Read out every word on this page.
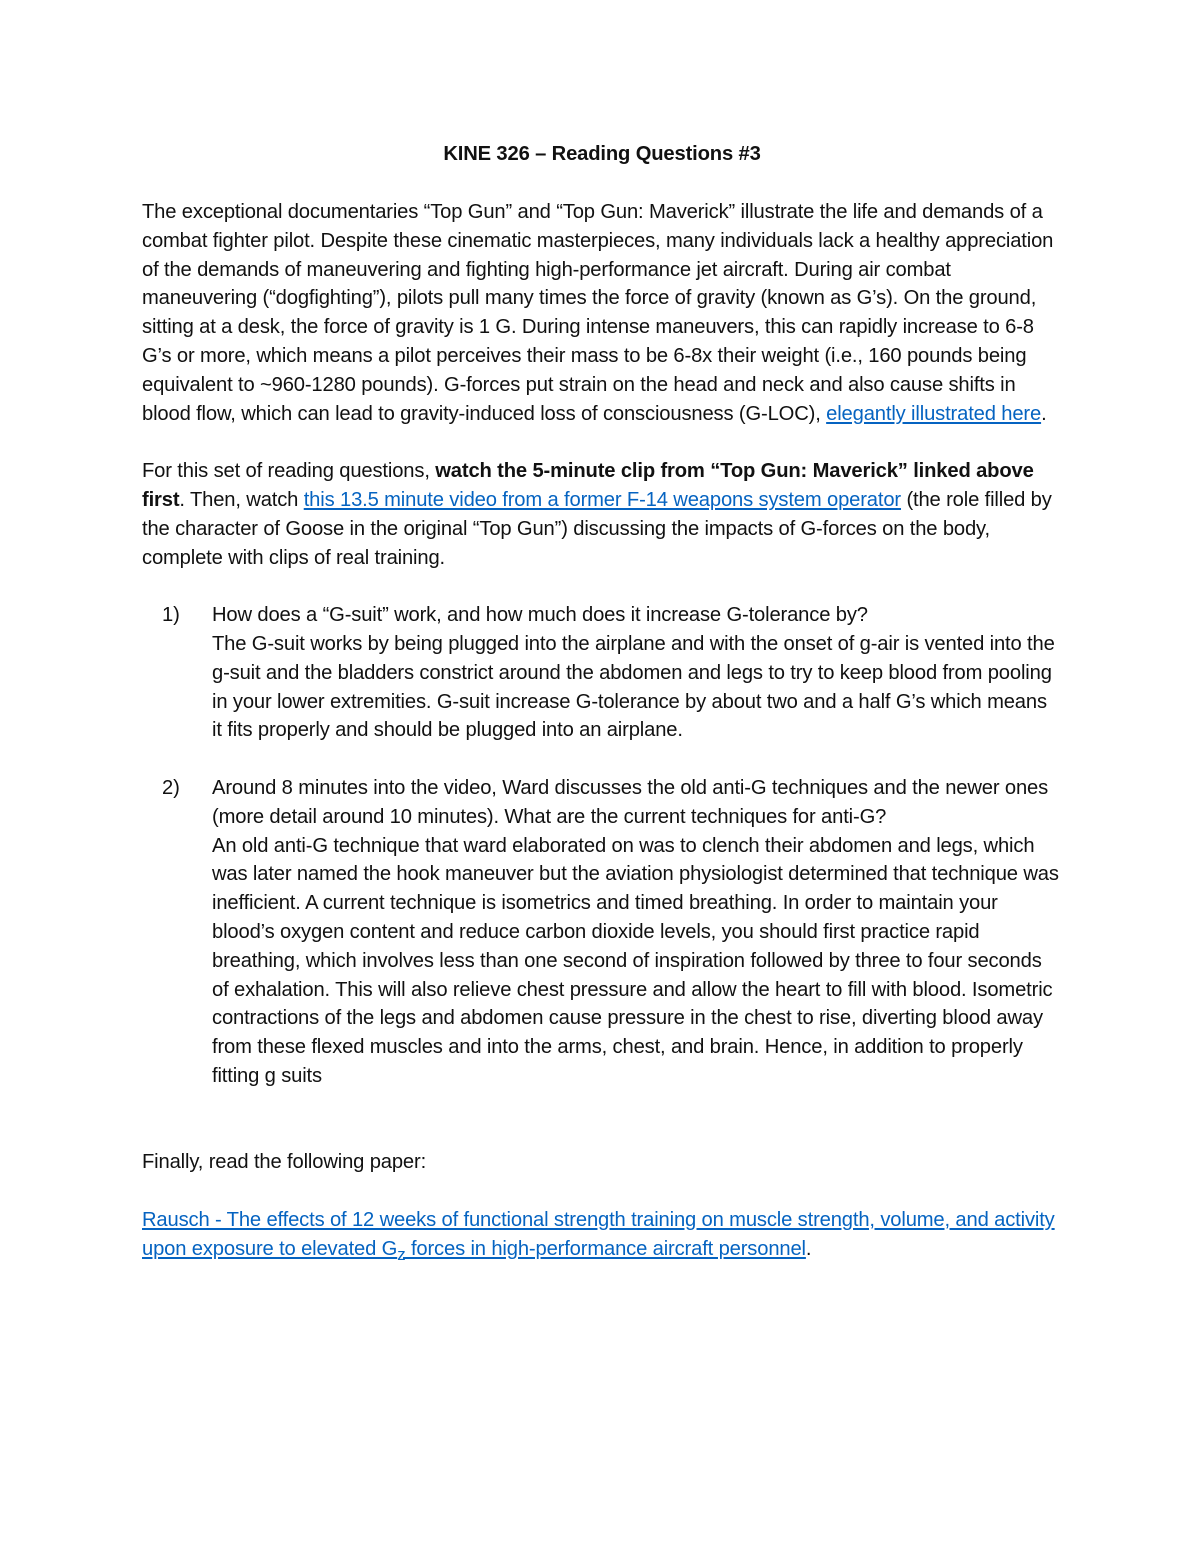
KINE 326 – Reading Questions #3

The exceptional documentaries “Top Gun” and “Top Gun: Maverick” illustrate the life and demands of a combat fighter pilot. Despite these cinematic masterpieces, many individuals lack a healthy appreciation of the demands of maneuvering and fighting high-performance jet aircraft. During air combat maneuvering (“dogfighting”), pilots pull many times the force of gravity (known as G’s). On the ground, sitting at a desk, the force of gravity is 1 G. During intense maneuvers, this can rapidly increase to 6-8 G’s or more, which means a pilot perceives their mass to be 6-8x their weight (i.e., 160 pounds being equivalent to ~960-1280 pounds). G-forces put strain on the head and neck and also cause shifts in blood flow, which can lead to gravity-induced loss of consciousness (G-LOC), elegantly illustrated here.

For this set of reading questions, watch the 5-minute clip from “Top Gun: Maverick” linked above first. Then, watch this 13.5 minute video from a former F-14 weapons system operator (the role filled by the character of Goose in the original “Top Gun”) discussing the impacts of G-forces on the body, complete with clips of real training.

1) How does a “G-suit” work, and how much does it increase G-tolerance by?

The G-suit works by being plugged into the airplane and with the onset of g-air is vented into the g-suit and the bladders constrict around the abdomen and legs to try to keep blood from pooling in your lower extremities. G-suit increase G-tolerance by about two and a half G’s which means it fits properly and should be plugged into an airplane.

2) Around 8 minutes into the video, Ward discusses the old anti-G techniques and the newer ones (more detail around 10 minutes). What are the current techniques for anti-G?

An old anti-G technique that ward elaborated on was to clench their abdomen and legs, which was later named the hook maneuver but the aviation physiologist determined that technique was inefficient. A current technique is isometrics and timed breathing. In order to maintain your blood’s oxygen content and reduce carbon dioxide levels, you should first practice rapid breathing, which involves less than one second of inspiration followed by three to four seconds of exhalation. This will also relieve chest pressure and allow the heart to fill with blood. Isometric contractions of the legs and abdomen cause pressure in the chest to rise, diverting blood away from these flexed muscles and into the arms, chest, and brain. Hence, in addition to properly fitting g suits

Finally, read the following paper:

Rausch - The effects of 12 weeks of functional strength training on muscle strength, volume, and activity upon exposure to elevated $G_z$ forces in high-performance aircraft personnel.
